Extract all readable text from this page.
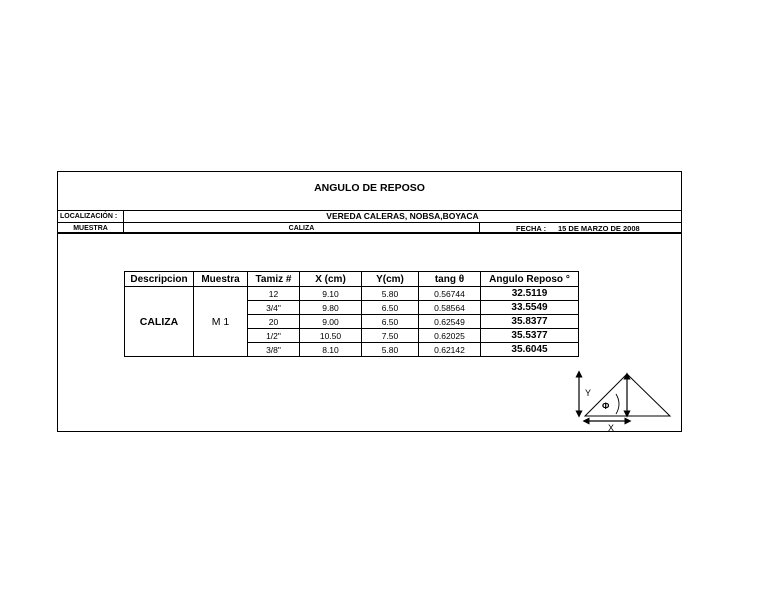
ANGULO DE REPOSO
LOCALIZACIÓN :	VEREDA CALERAS, NOBSA,BOYACA
MUESTRA	CALIZA	FECHA : 15 DE MARZO DE 2008
Descripcion	Muestra	Tamiz #	X (cm)	Y(cm)	tang θ	Angulo Reposo °
CALIZA	M 1	12	9.10	5.80	0.56744	32.5119
		3/4"	9.80	6.50	0.58564	33.5549
		20	9.00	6.50	0.62549	35.8377
		1/2"	10.50	7.50	0.62025	35.5377
		3/8"	8.10	5.80	0.62142	35.6045
Y
Φ
X
